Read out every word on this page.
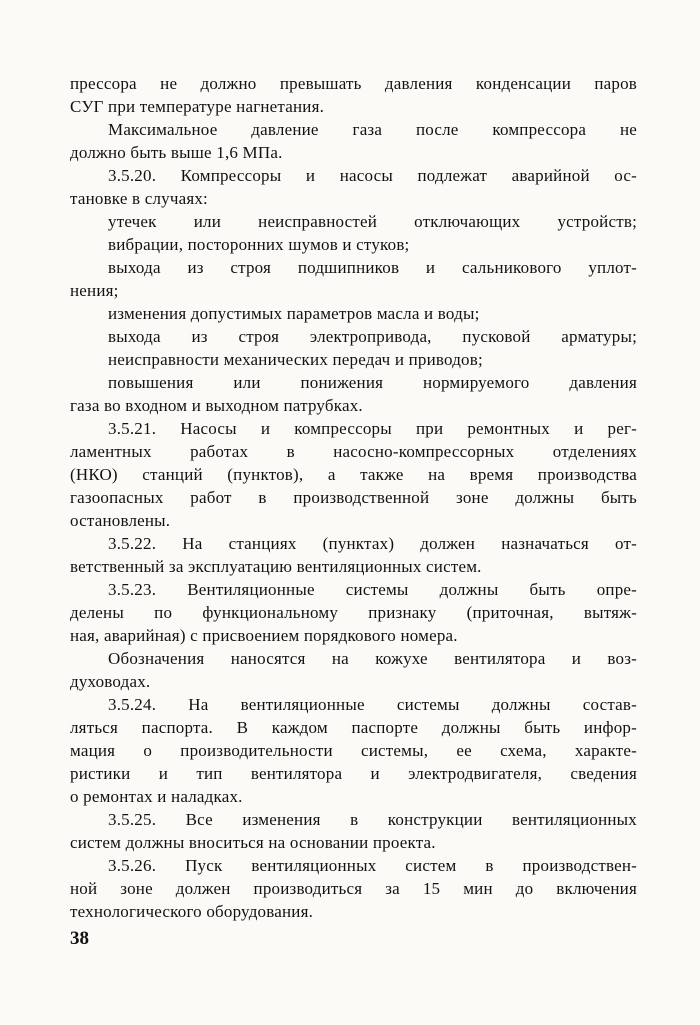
прессора не должно превышать давления конденсации паров
СУГ при температуре нагнетания.
Максимальное давление газа после компрессора не
должно быть выше 1,6 МПа.
3.5.20. Компрессоры и насосы подлежат аварийной ос-
тановке в случаях:
утечек или неисправностей отключающих устройств;
вибрации, посторонних шумов и стуков;
выхода из строя подшипников и сальникового уплот-
нения;
изменения допустимых параметров масла и воды;
выхода из строя электропривода, пусковой арматуры;
неисправности механических передач и приводов;
повышения или понижения нормируемого давления
газа во входном и выходном патрубках.
3.5.21. Насосы и компрессоры при ремонтных и рег-
ламентных работах в насосно-компрессорных отделениях
(НКО) станций (пунктов), а также на время производства
газоопасных работ в производственной зоне должны быть
остановлены.
3.5.22. На станциях (пунктах) должен назначаться от-
ветственный за эксплуатацию вентиляционных систем.
3.5.23. Вентиляционные системы должны быть опре-
делены по функциональному признаку (приточная, вытяж-
ная, аварийная) с присвоением порядкового номера.
Обозначения наносятся на кожухе вентилятора и воз-
духоводах.
3.5.24. На вентиляционные системы должны состав-
ляться паспорта. В каждом паспорте должны быть инфор-
мация о производительности системы, ее схема, характе-
ристики и тип вентилятора и электродвигателя, сведения
о ремонтах и наладках.
3.5.25. Все изменения в конструкции вентиляционных
систем должны вноситься на основании проекта.
3.5.26. Пуск вентиляционных систем в производствен-
ной зоне должен производиться за 15 мин до включения
технологического оборудования.
38
